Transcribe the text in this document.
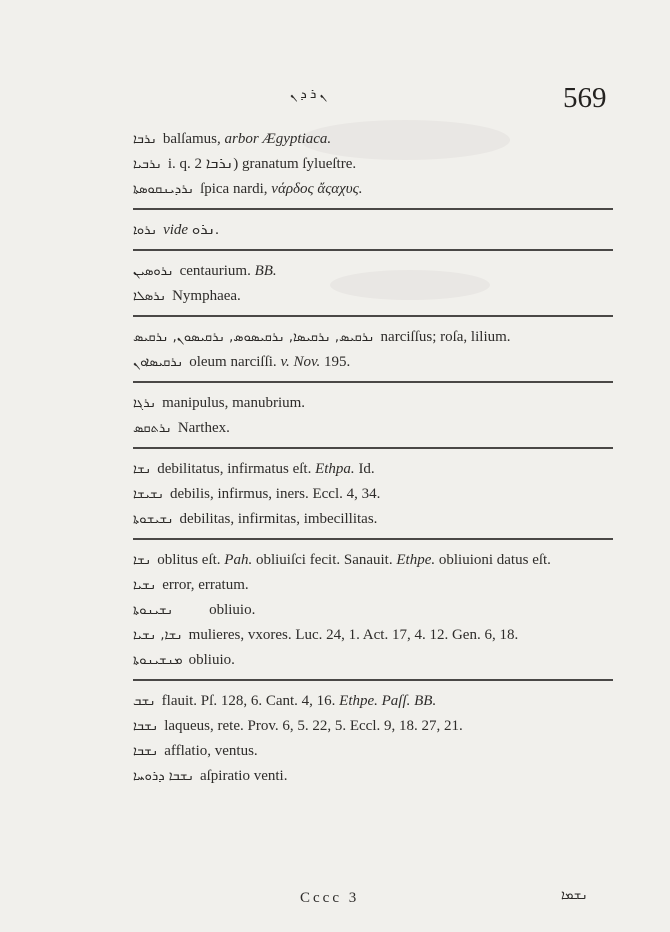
ܢ ܪ ܕ ܢ	569
ܢܪܒܐ balſamus, arbor Ægyptiaca.
ܢܪܒܝܐ i. q. ܢܪܒܐ 2) granatum ſylueſtre.
ܢܪܕܝܢܩܘܣܬܐ ſpica nardi, νάρδος ἄςαχυς.
ܢܪܘܐ vide ܢܪܘ.
ܢܪܘܣܝܢ centaurium. BB.
ܢܪܣܠܐ Nymphaea.
ܢܪܩܝܣ, ܢܪܩܝܣܐ, ܢܪܩܝܣܘܣ, ܢܪܩܝܣܘܢ, ܢܪܩܝܣ narciſſus; roſa, lilium.
ܢܪܩܝܣܐܘܢ oleum narciſſi. v. Nov. 195.
ܢܪܓܐ manipulus, manubrium.
ܢܪܬܩܣ Narthex.
ܢܫܐ debilitatus, infirmatus eſt. Ethpa. Id.
ܢܫܝܫܐ debilis, infirmus, iners. Eccl. 4, 34.
ܢܫܝܫܘܬܐ debilitas, infirmitas, imbecillitas.
ܢܫܐ oblitus eſt. Pah. obliuiſci fecit. Sanauit. Ethpe. obliuioni datus eſt.
ܢܫܝܐ error, erratum.
ܢܫܝܢܘܬܐ obliuio.
ܢܫܐ, ܢܫܝܐ mulieres, vxores. Luc. 24, 1. Act. 17, 4. 12. Gen. 6, 18.
ܡܢܫܝܢܘܬܐ obliuio.
ܢܫܒ flauit. Pſ. 128, 6. Cant. 4, 16. Ethpe. Paſſ. BB.
ܢܫܒܐ laqueus, rete. Prov. 6, 5. 22, 5. Eccl. 9, 18. 27, 21.
ܢܫܒܐ afflatio, ventus.
ܢܫܒܐ ܕܪܘܚܐ aſpiratio venti.
Cccc 3	ܢܫܡܐ
